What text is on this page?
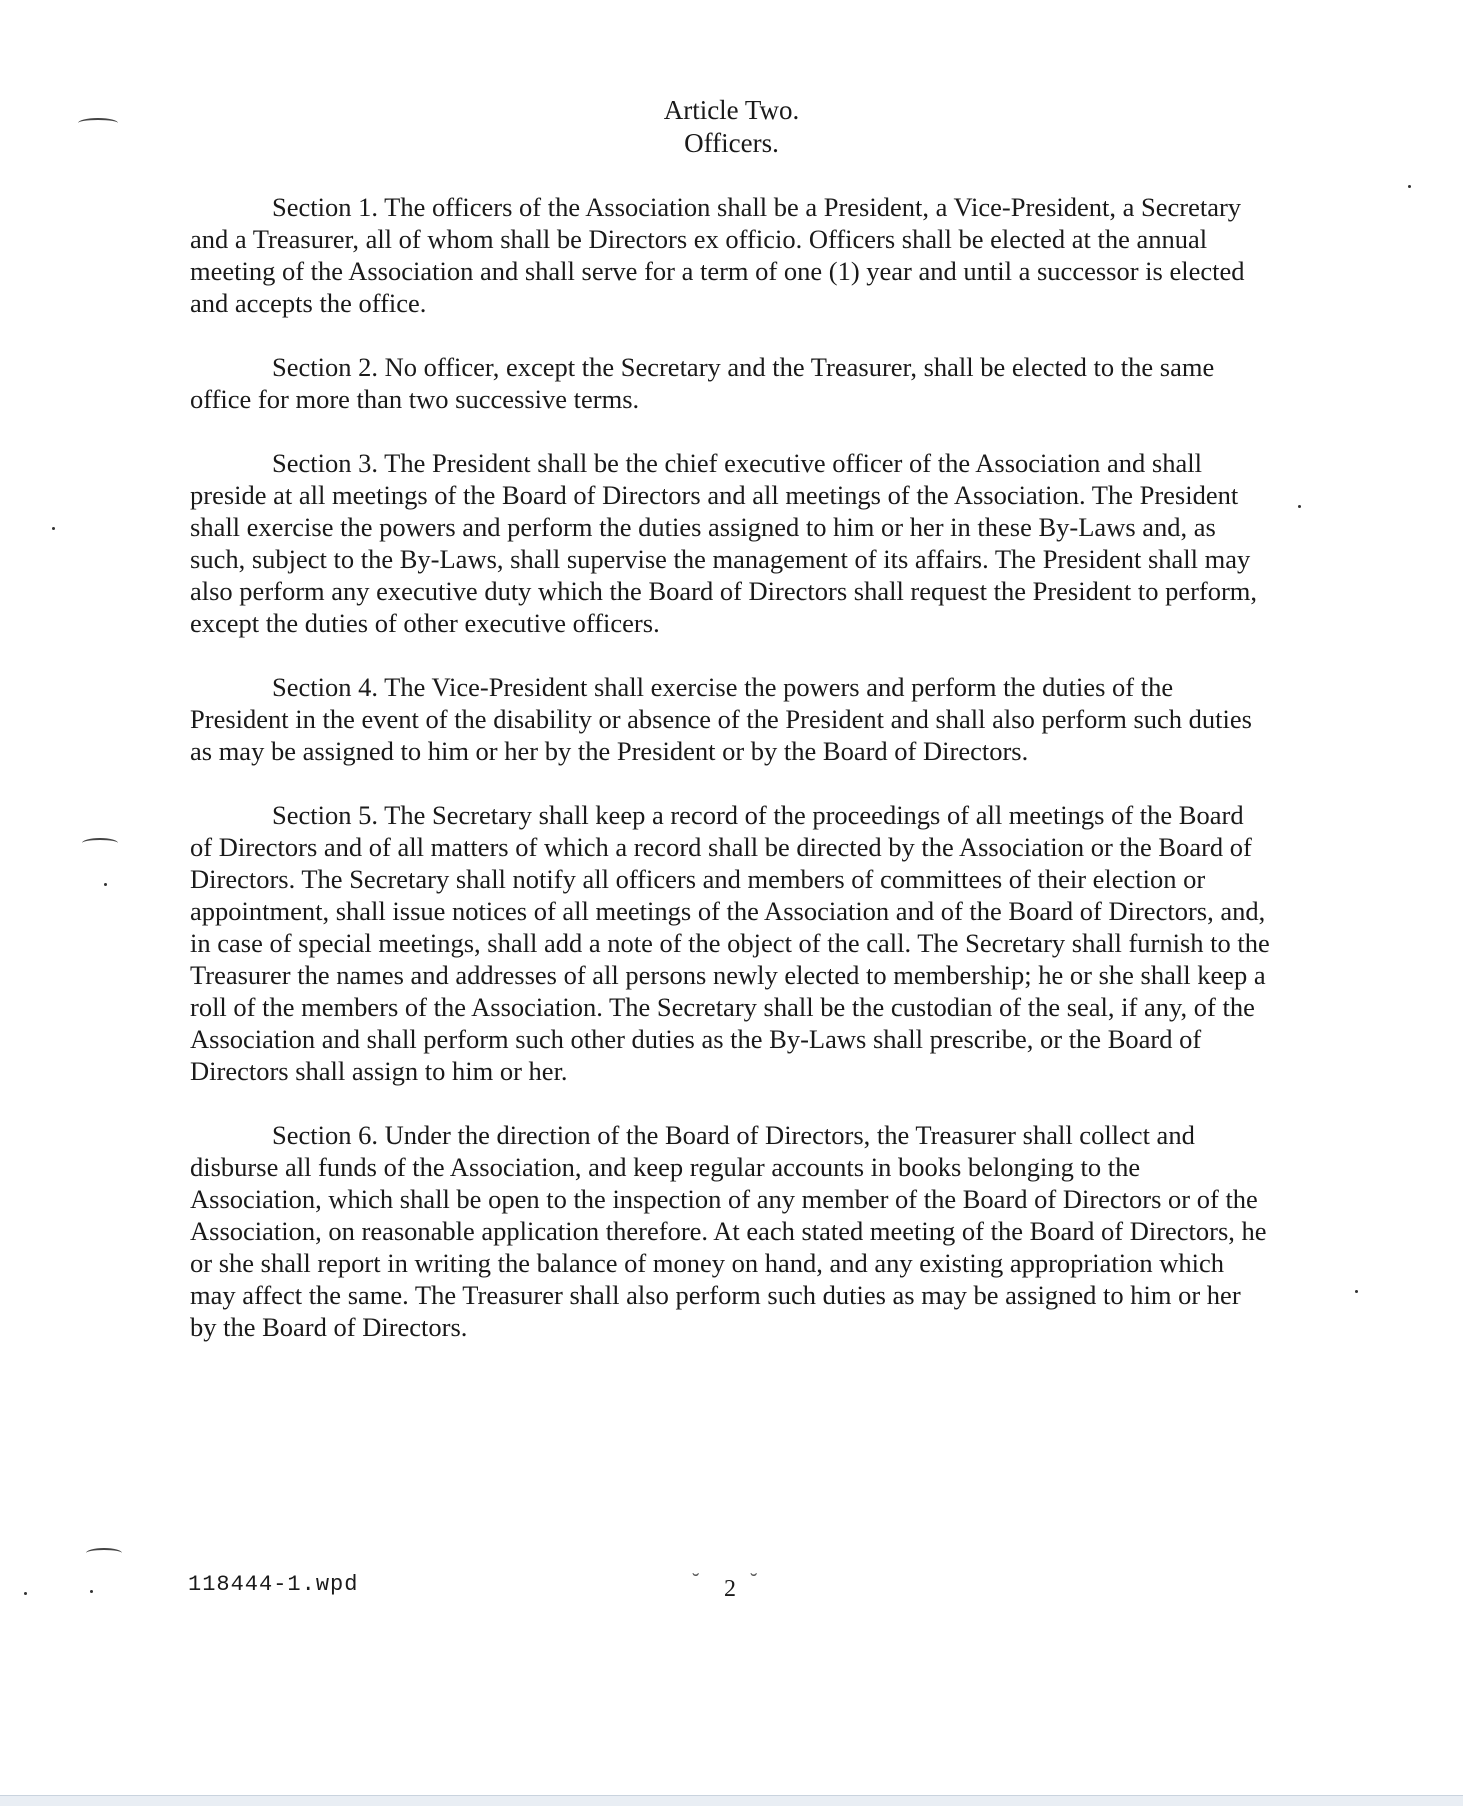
Article Two.
Officers.

Section 1. The officers of the Association shall be a President, a Vice-President, a Secretary and a Treasurer, all of whom shall be Directors ex officio. Officers shall be elected at the annual meeting of the Association and shall serve for a term of one (1) year and until a successor is elected and accepts the office.

Section 2. No officer, except the Secretary and the Treasurer, shall be elected to the same office for more than two successive terms.

Section 3. The President shall be the chief executive officer of the Association and shall preside at all meetings of the Board of Directors and all meetings of the Association. The President shall exercise the powers and perform the duties assigned to him or her in these By-Laws and, as such, subject to the By-Laws, shall supervise the management of its affairs. The President shall may also perform any executive duty which the Board of Directors shall request the President to perform, except the duties of other executive officers.

Section 4. The Vice-President shall exercise the powers and perform the duties of the President in the event of the disability or absence of the President and shall also perform such duties as may be assigned to him or her by the President or by the Board of Directors.

Section 5. The Secretary shall keep a record of the proceedings of all meetings of the Board of Directors and of all matters of which a record shall be directed by the Association or the Board of Directors. The Secretary shall notify all officers and members of committees of their election or appointment, shall issue notices of all meetings of the Association and of the Board of Directors, and, in case of special meetings, shall add a note of the object of the call. The Secretary shall furnish to the Treasurer the names and addresses of all persons newly elected to membership; he or she shall keep a roll of the members of the Association. The Secretary shall be the custodian of the seal, if any, of the Association and shall perform such other duties as the By-Laws shall prescribe, or the Board of Directors shall assign to him or her.

Section 6. Under the direction of the Board of Directors, the Treasurer shall collect and disburse all funds of the Association, and keep regular accounts in books belonging to the Association, which shall be open to the inspection of any member of the Board of Directors or of the Association, on reasonable application therefore. At each stated meeting of the Board of Directors, he or she shall report in writing the balance of money on hand, and any existing appropriation which may affect the same. The Treasurer shall also perform such duties as may be assigned to him or her by the Board of Directors.

118444-1.wpd	˘	2 ˘
